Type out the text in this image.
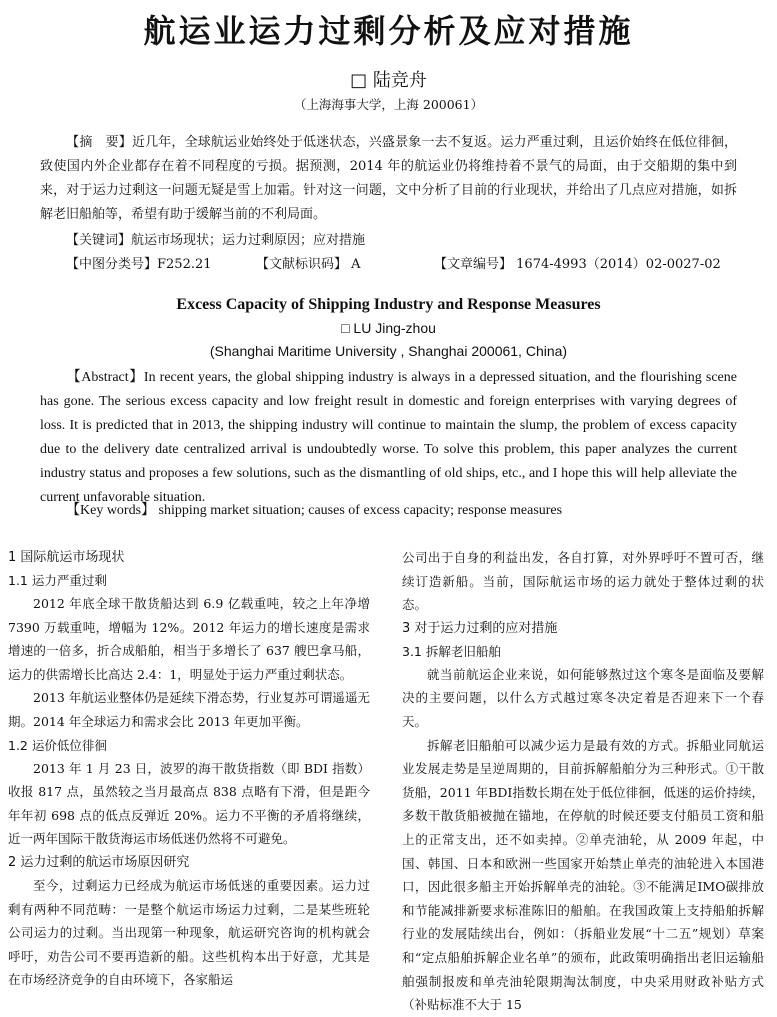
航运业运力过剩分析及应对措施
□ 陆竞舟
（上海海事大学，上海 200061）
【摘　要】近几年，全球航运业始终处于低迷状态，兴盛景象一去不复返。运力严重过剩，且运价始终在低位徘徊，致使国内外企业都存在着不同程度的亏损。据预测，2014 年的航运业仍将维持着不景气的局面，由于交船期的集中到来，对于运力过剩这一问题无疑是雪上加霜。针对这一问题，文中分析了目前的行业现状，并给出了几点应对措施，如拆解老旧船舶等，希望有助于缓解当前的不利局面。
【关键词】航运市场现状；运力过剩原因；应对措施
【中图分类号】F252.21	【文献标识码】 A	【文章编号】 1674-4993（2014）02-0027-02
Excess Capacity of Shipping Industry and Response Measures
□ LU Jing-zhou
(Shanghai Maritime University , Shanghai 200061, China)
【Abstract】In recent years, the global shipping industry is always in a depressed situation, and the flourishing scene has gone. The serious excess capacity and low freight result in domestic and foreign enterprises with varying degrees of loss. It is predicted that in 2013, the shipping industry will continue to maintain the slump, the problem of excess capacity due to the delivery date centralized arrival is undoubtedly worse. To solve this problem, this paper analyzes the current industry status and proposes a few solutions, such as the dismantling of old ships, etc., and I hope this will help alleviate the current unfavorable situation.
【Key words】 shipping market situation; causes of excess capacity; response measures
1 国际航运市场现状
1.1 运力严重过剩

2012 年底全球干散货船达到 6.9 亿载重吨，较之上年净增 7390 万载重吨，增幅为 12%。2012 年运力的增长速度是需求增速的一倍多，折合成船舶，相当于多增长了 637 艘巴拿马船，运力的供需增长比高达 2.4：1，明显处于运力严重过剩状态。

2013 年航运业整体仍是延续下滑态势，行业复苏可谓遥遥无期。2014 年全球运力和需求会比 2013 年更加平衡。

1.2 运价低位徘徊

2013 年 1 月 23 日，波罗的海干散货指数（即 BDI 指数）收报 817 点，虽然较之当月最高点 838 点略有下滑，但是距今年年初 698 点的低点反弹近 20%。运力不平衡的矛盾将继续，近一两年国际干散货海运市场低迷仍然将不可避免。

2 运力过剩的航运市场原因研究

至今，过剩运力已经成为航运市场低迷的重要因素。运力过剩有两种不同范畴：一是整个航运市场运力过剩，二是某些班轮公司运力的过剩。当出现第一种现象，航运研究咨询的机构就会呼吁，劝告公司不要再造新的船。这些机构本出于好意，尤其是在市场经济竞争的自由环境下，各家船运

公司出于自身的利益出发，各自打算，对外界呼吁不置可否，继续订造新船。当前，国际航运市场的运力就处于整体过剩的状态。

3 对于运力过剩的应对措施
3.1 拆解老旧船舶

就当前航运企业来说，如何能够熬过这个寒冬是面临及要解决的主要问题，以什么方式越过寒冬决定着是否迎来下一个春天。

拆解老旧船舶可以减少运力是最有效的方式。拆船业同航运业发展走势是呈逆周期的，目前拆解船舶分为三种形式。①干散货船，2011 年BDI指数长期在处于低位徘徊，低迷的运价持续，多数干散货船被抛在锚地，在停航的时候还要支付船员工资和船上的正常支出，还不如卖掉。②单壳油轮，从 2009 年起，中国、韩国、日本和欧洲一些国家开始禁止单壳的油轮进入本国港口，因此很多船主开始拆解单壳的油轮。③不能满足IMO碳排放和节能减排新要求标准陈旧的船舶。在我国政策上支持船舶拆解行业的发展陆续出台，例如：（拆船业发展“十二五”规划）草案和“定点船舶拆解企业名单”的颁布，此政策明确指出老旧运输船舶强制报废和单壳油轮限期淘汰制度，中央采用财政补贴方式（补贴标准不大于 15
